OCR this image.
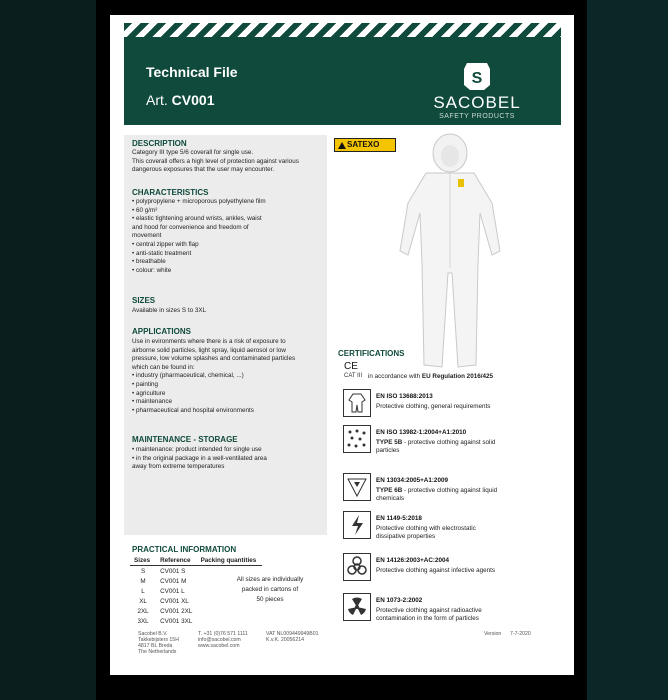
Technical File
Art. CV001
S
SACOBEL
SAFETY PRODUCTS
DESCRIPTION
Category III type 5/6 coverall for single use.
This coverall offers a high level of protection against various
dangerous exposures that the user may encounter.
CHARACTERISTICS
• polypropylene + microporous polyethylene film
• 60 g/m²
• elastic tightening around wrists, ankles, waist
and hood for convenience and freedom of
movement
• central zipper with flap
• anti-static treatment
• breathable
• colour: white
SIZES
Available in sizes S to 3XL
APPLICATIONS
Use in evironments where there is a risk of exposure to
airborne solid particles, light spray, liquid aerosol or low
pressure, low volume splashes and contaminated particles
which can be found in:
• industry (pharmaceutical, chemical, ...)
• painting
• agriculture
• maintenance
• pharmaceutical and hospital environments
MAINTENANCE - STORAGE
• maintenance: product intended for single use
• in the original package in a well-ventilated area
away from extreme temperatures
SATEXO
CERTIFICATIONS
CE
CAT III in accordance with EU Regulation 2016/425
EN ISO 13688:2013
Protective clothing, general requirements
EN ISO 13982-1:2004+A1:2010
TYPE 5B - protective clothing against solid
particles
EN 13034:2005+A1:2009
TYPE 6B - protective clothing against liquid
chemicals
EN 1149-5:2018
Protective clothing with electrostatic
dissipative properties
EN 14126:2003+AC:2004
Protective clothing against infective agents
EN 1073-2:2002
Protective clothing against radioactive
contamination in the form of particles
PRACTICAL INFORMATION
Sizes	Reference	Packing quantities
S	CV001 S	
M	CV001 M	
L	CV001 L	
XL	CV001 XL	
2XL	CV001 2XL	
3XL	CV001 3XL	
All sizes are individually
packed in cartons of
50 pieces
Sacobel B.V.
Takkebijsters 15H
4817 BL Breda
The Netherlands
T. +31 (0)76 571 1111
info@sacobel.com
www.sacobel.com
VAT NL009449949B01
K.v.K. 20056214
Version 7-7-2020
